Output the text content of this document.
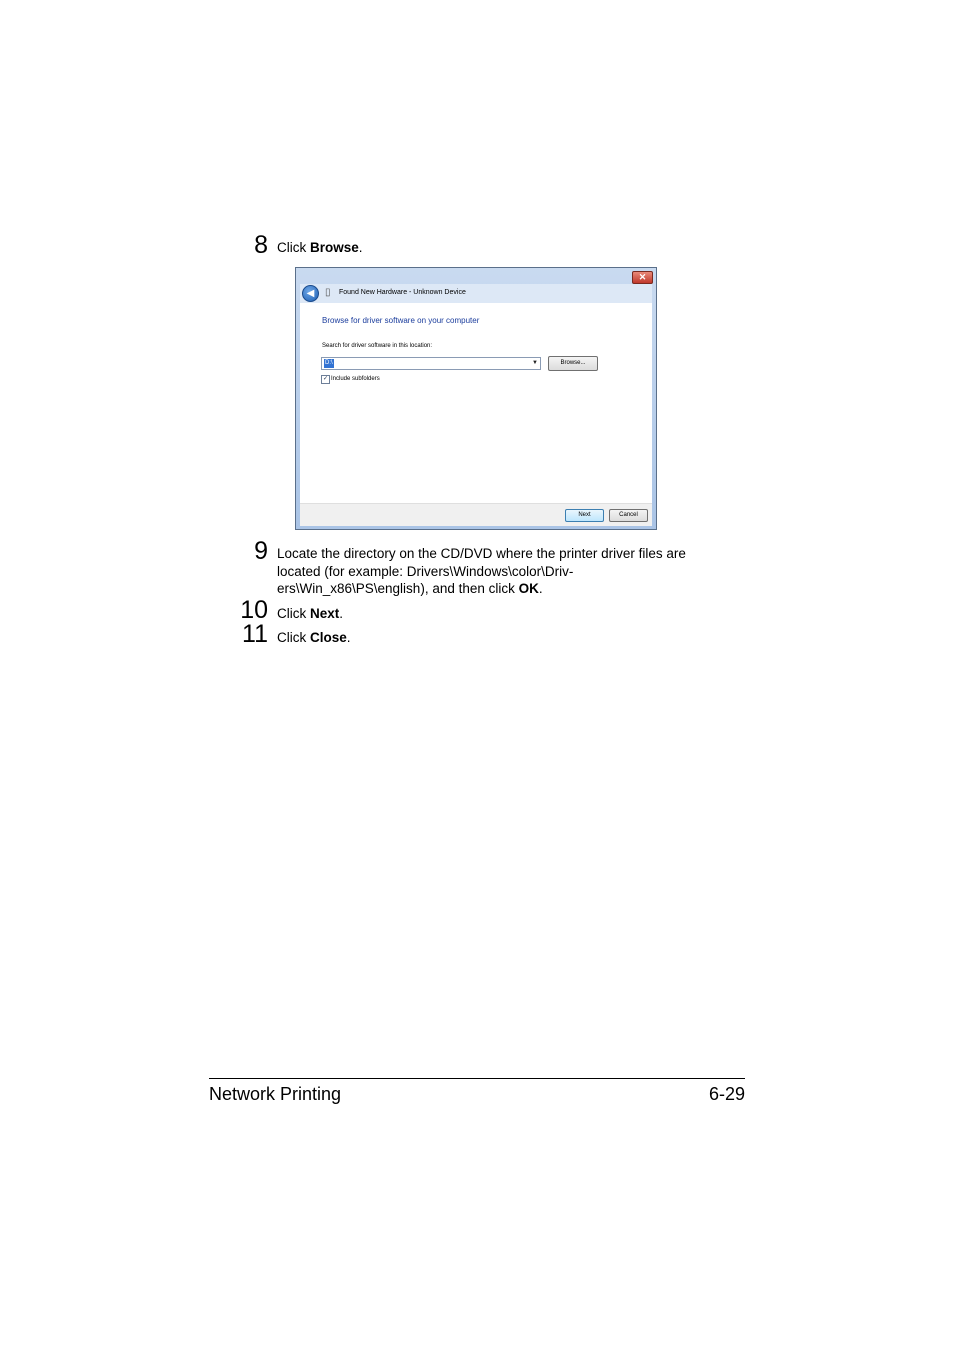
8 Click Browse.
✕
◀	▯	Found New Hardware - Unknown Device
Browse for driver software on your computer
Search for driver software in this location:
D:\	▼	Browse...
✓ Include subfolders
Next	Cancel
9 Locate the directory on the CD/DVD where the printer driver files are
located (for example: Drivers\Windows\color\Driv-
ers\Win_x86\PS\english), and then click OK.
10 Click Next.
11 Click Close.
Network Printing	6-29
